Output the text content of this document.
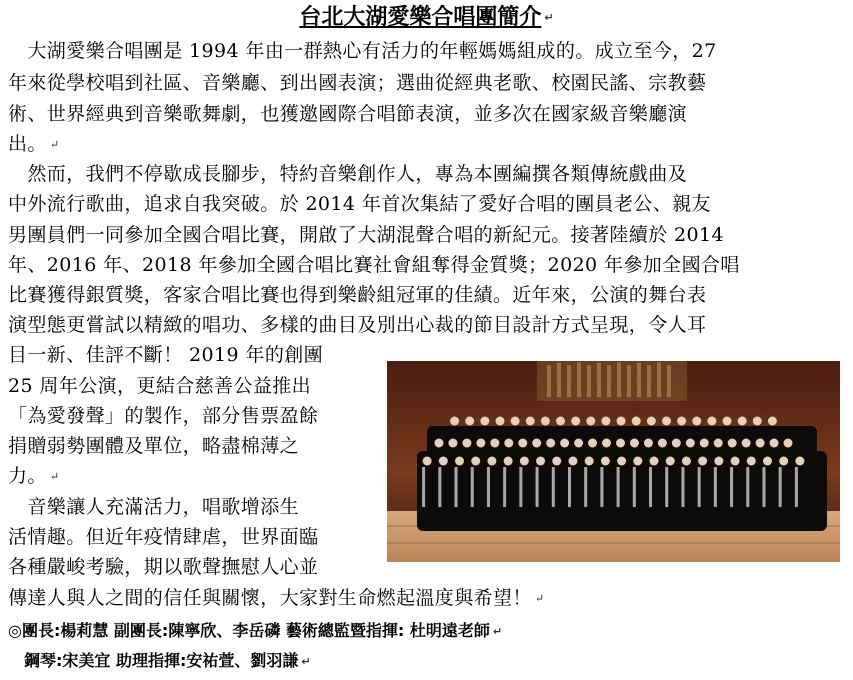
台北大湖愛樂合唱團簡介 ↵
　大湖愛樂合唱團是 1994 年由一群熱心有活力的年輕媽媽組成的。成立至今，27
年來從學校唱到社區、音樂廳、到出國表演；選曲從經典老歌、校園民謠、宗教藝
術、世界經典到音樂歌舞劇，也獲邀國際合唱節表演，並多次在國家級音樂廳演
出。 ↵
　然而，我們不停歇成長腳步，特約音樂創作人，專為本團編撰各類傳統戲曲及
中外流行歌曲，追求自我突破。於 2014 年首次集結了愛好合唱的團員老公、親友
男團員們一同參加全國合唱比賽，開啟了大湖混聲合唱的新紀元。接著陸續於 2014
年、2016 年、2018 年參加全國合唱比賽社會組奪得金質獎；2020 年參加全國合唱
比賽獲得銀質獎，客家合唱比賽也得到樂齡組冠軍的佳績。近年來，公演的舞台表
演型態更嘗試以精緻的唱功、多樣的曲目及別出心裁的節目設計方式呈現，令人耳
目一新、佳評不斷！ 2019 年的創團
25 周年公演，更結合慈善公益推出
「為愛發聲」的製作，部分售票盈餘
捐贈弱勢團體及單位，略盡棉薄之
力。 ↵
　音樂讓人充滿活力，唱歌增添生
活情趣。但近年疫情肆虐，世界面臨
各種嚴峻考驗，期以歌聲撫慰人心並
傳達人與人之間的信任與關懷，大家對生命燃起溫度與希望！ ↵
◎團長:楊莉慧 副團長:陳寧欣、李岳磷 藝術總監暨指揮: 杜明遠老師 ↵
　鋼琴:宋美宜 助理指揮:安祐萱、劉羽謙 ↵
